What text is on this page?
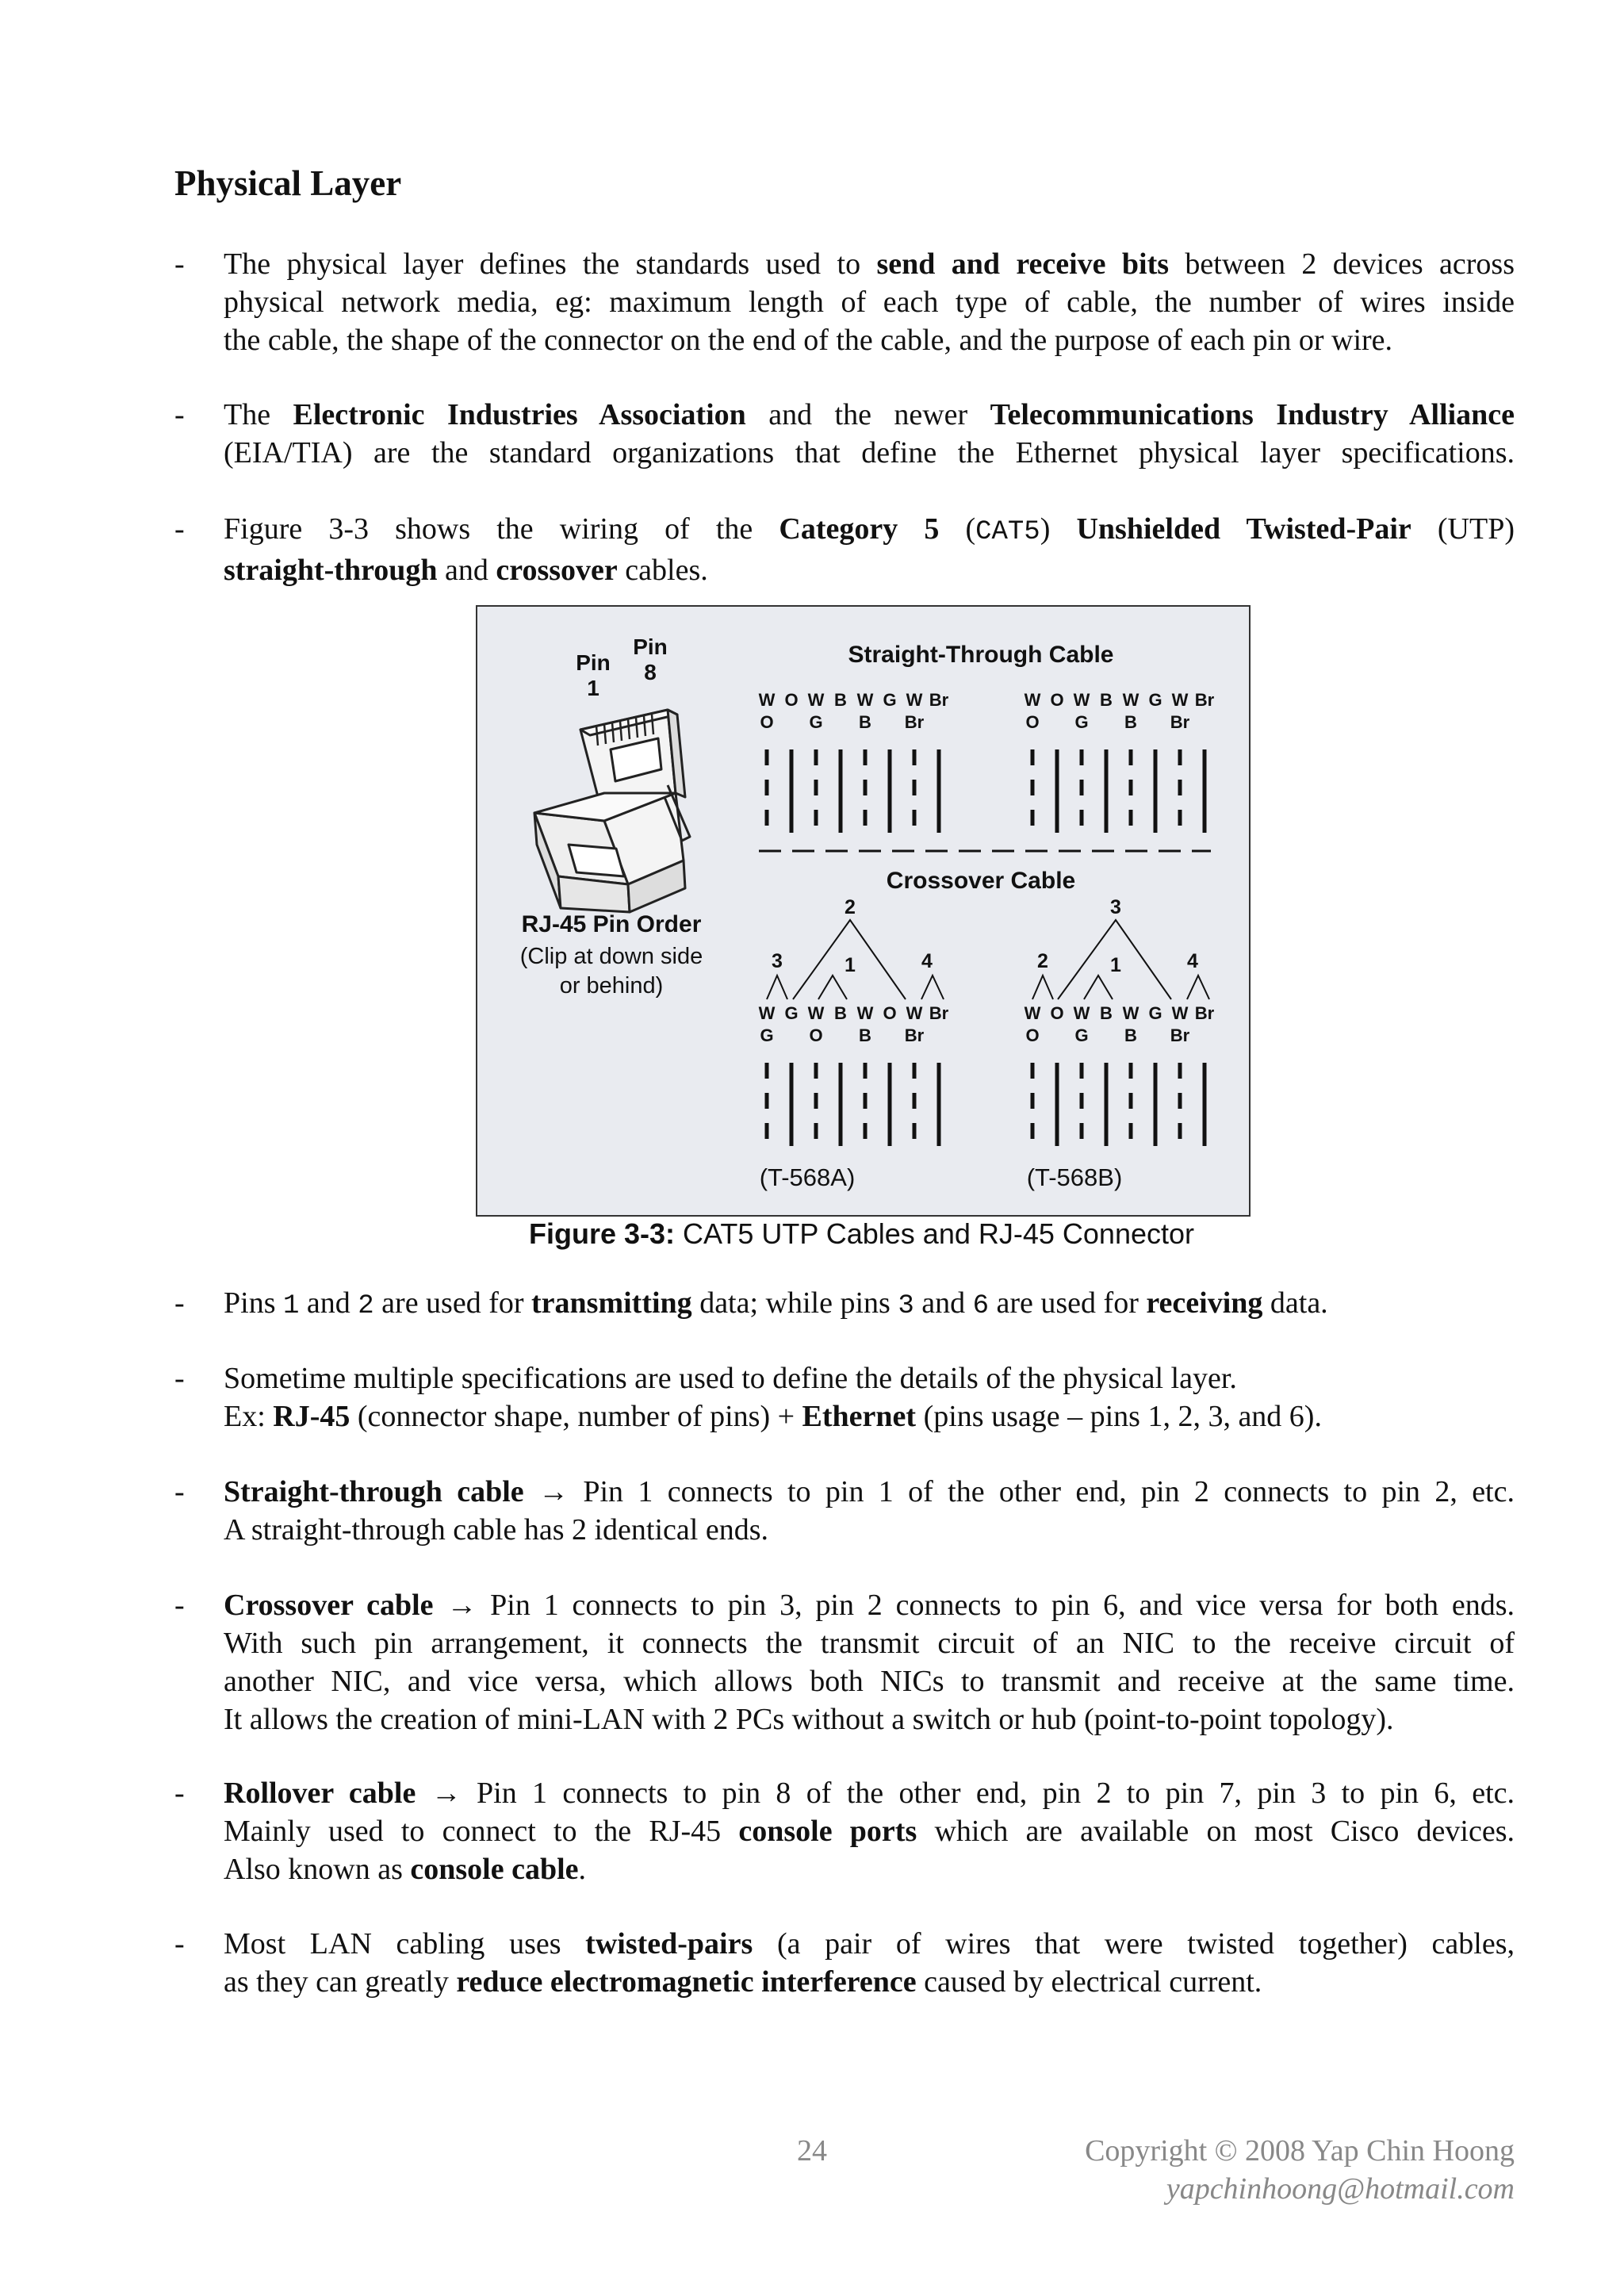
Physical Layer
- The physical layer defines the standards used to send and receive bits between 2 devices across
physical network media, eg: maximum length of each type of cable, the number of wires inside
the cable, the shape of the connector on the end of the cable, and the purpose of each pin or wire.
- The Electronic Industries Association and the newer Telecommunications Industry Alliance
(EIA/TIA) are the standard organizations that define the Ethernet physical layer specifications.
- Figure 3-3 shows the wiring of the Category 5 (CAT5) Unshielded Twisted-Pair (UTP)
straight-through and crossover cables.
Pin
1
Pin
8
Straight-Through Cable
Crossover Cable
RJ-45 Pin Order
(Clip at down side
or behind)
(T-568A)	(T-568B)
2
3	1	4
3
2	1	4
W
O
O W
G
B W
B
G W
Br
Br	W
O
O W
G
B W
B
G W
Br
Br
W
G
G W
O
B W
B
O W
Br
Br	W
O
O W
G
B W
B
G W
Br
Br
Figure 3-3: CAT5 UTP Cables and RJ-45 Connector
- Pins 1 and 2 are used for transmitting data; while pins 3 and 6 are used for receiving data.
- Sometime multiple specifications are used to define the details of the physical layer.
Ex: RJ-45 (connector shape, number of pins) + Ethernet (pins usage – pins 1, 2, 3, and 6).
- Straight-through cable → Pin 1 connects to pin 1 of the other end, pin 2 connects to pin 2, etc.
A straight-through cable has 2 identical ends.
- Crossover cable → Pin 1 connects to pin 3, pin 2 connects to pin 6, and vice versa for both ends.
With such pin arrangement, it connects the transmit circuit of an NIC to the receive circuit of
another NIC, and vice versa, which allows both NICs to transmit and receive at the same time.
It allows the creation of mini-LAN with 2 PCs without a switch or hub (point-to-point topology).
- Rollover cable → Pin 1 connects to pin 8 of the other end, pin 2 to pin 7, pin 3 to pin 6, etc.
Mainly used to connect to the RJ-45 console ports which are available on most Cisco devices.
Also known as console cable.
- Most LAN cabling uses twisted-pairs (a pair of wires that were twisted together) cables,
as they can greatly reduce electromagnetic interference caused by electrical current.
24	Copyright © 2008 Yap Chin Hoong
yapchinhoong@hotmail.com
